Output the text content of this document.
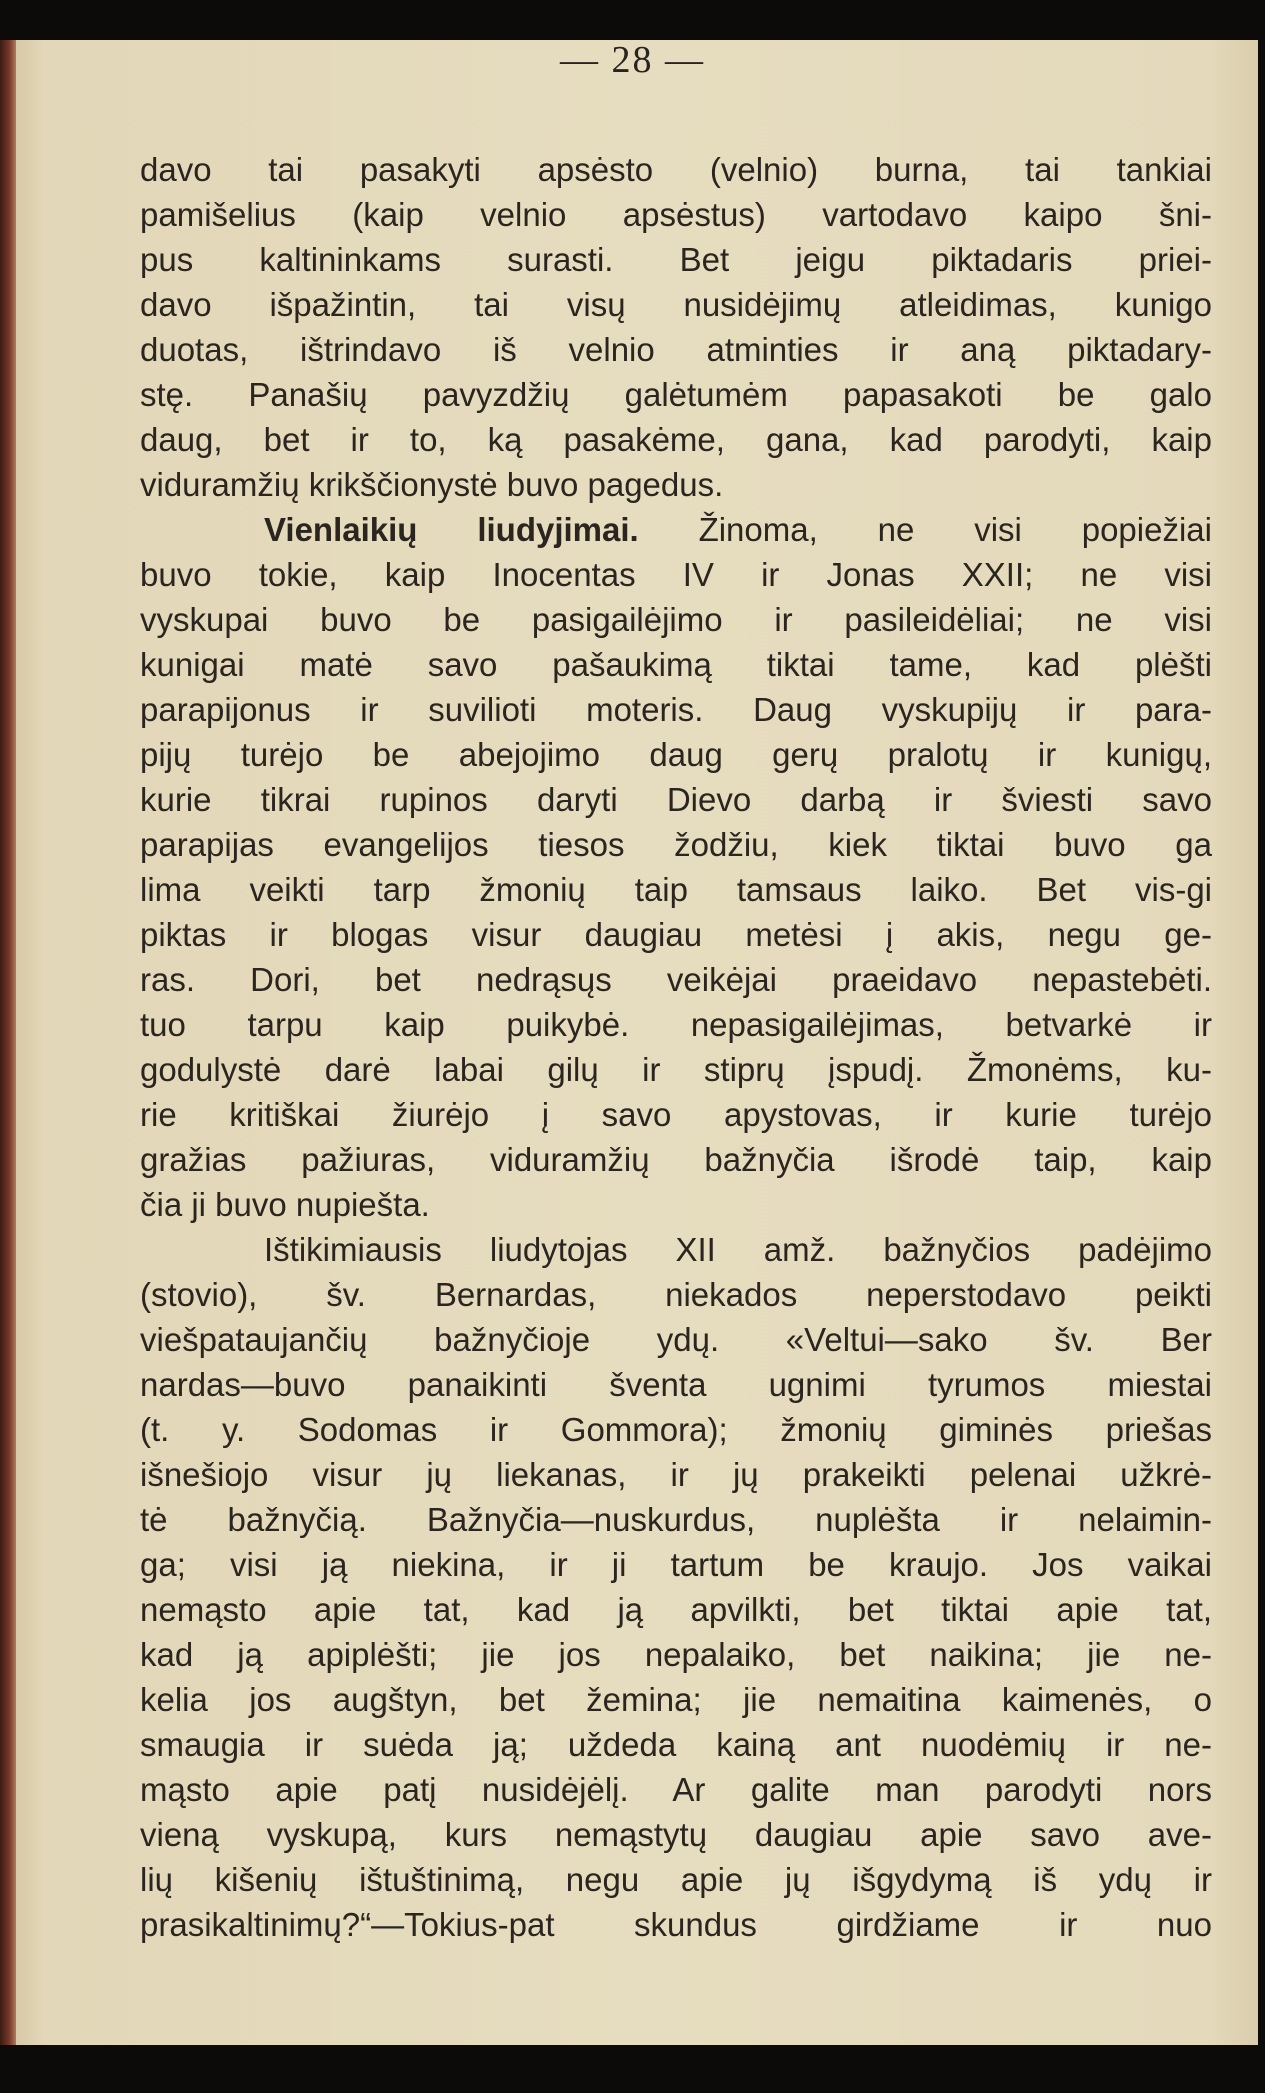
— 28 —
davo tai pasakyti apsėsto (velnio) burna, tai tankiai
pamišelius (kaip velnio apsėstus) vartodavo kaipo šni-
pus kaltininkams surasti. Bet jeigu piktadaris priei-
davo išpažintin, tai visų nusidėjimų atleidimas, kunigo
duotas, ištrindavo iš velnio atminties ir aną piktadary-
stę. Panašių pavyzdžių galėtumėm papasakoti be galo
daug, bet ir to, ką pasakėme, gana, kad parodyti, kaip
viduramžių krikščionystė buvo pagedus.
Vienlaikių liudyjimai. Žinoma, ne visi popiežiai
buvo tokie, kaip Inocentas IV ir Jonas XXII; ne visi
vyskupai buvo be pasigailėjimo ir pasileidėliai; ne visi
kunigai matė savo pašaukimą tiktai tame, kad plėšti
parapijonus ir suvilioti moteris. Daug vyskupijų ir para-
pijų turėjo be abejojimo daug gerų pralotų ir kunigų,
kurie tikrai rupinos daryti Dievo darbą ir šviesti savo
parapijas evangelijos tiesos žodžiu, kiek tiktai buvo ga
lima veikti tarp žmonių taip tamsaus laiko. Bet vis-gi
piktas ir blogas visur daugiau metėsi į akis, negu ge-
ras. Dori, bet nedrąsųs veikėjai praeidavo nepastebėti.
tuo tarpu kaip puikybė. nepasigailėjimas, betvarkė ir
godulystė darė labai gilų ir stiprų įspudį. Žmonėms, ku-
rie kritiškai žiurėjo į savo apystovas, ir kurie turėjo
gražias pažiuras, viduramžių bažnyčia išrodė taip, kaip
čia ji buvo nupiešta.
Ištikimiausis liudytojas XII amž. bažnyčios padėjimo
(stovio), šv. Bernardas, niekados neperstodavo peikti
viešpataujančių bažnyčioje ydų. «Veltui—sako šv. Ber
nardas—buvo panaikinti šventa ugnimi tyrumos miestai
(t. y. Sodomas ir Gommora); žmonių giminės priešas
išnešiojo visur jų liekanas, ir jų prakeikti pelenai užkrė-
tė bažnyčią. Bažnyčia—nuskurdus, nuplėšta ir nelaimin-
ga; visi ją niekina, ir ji tartum be kraujo. Jos vaikai
nemąsto apie tat, kad ją apvilkti, bet tiktai apie tat,
kad ją apiplėšti; jie jos nepalaiko, bet naikina; jie ne-
kelia jos augštyn, bet žemina; jie nemaitina kaimenės, o
smaugia ir suėda ją; uždeda kainą ant nuodėmių ir ne-
mąsto apie patį nusidėjėlį. Ar galite man parodyti nors
vieną vyskupą, kurs nemąstytų daugiau apie savo ave-
lių kišenių ištuštinimą, negu apie jų išgydymą iš ydų ir
prasikaltinimų?“—Tokius-pat skundus girdžiame ir nuo
